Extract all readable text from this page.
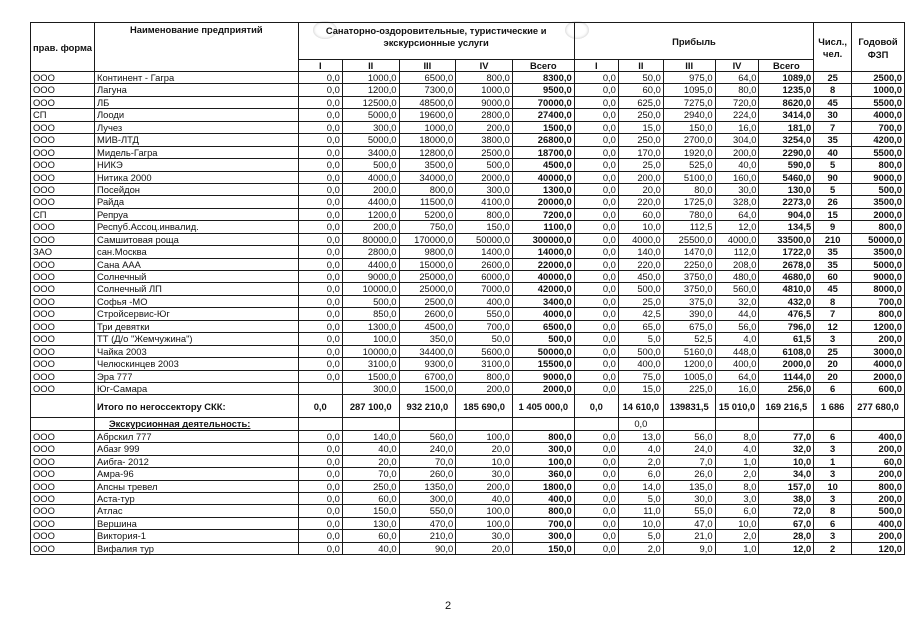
прав. форма	Наименование предприятий	Санаторно-оздоровительные, туристические и экскурсионные услуги					Прибыль					Числ., чел.	Годовой ФЗП
		I	II	III	IV	Всего	I	II	III	IV	Всего		
ООО	Континент - Гагра	0,0	1000,0	6500,0	800,0	8300,0	0,0	50,0	975,0	64,0	1089,0	25	2500,0
ООО	Лагуна	0,0	1200,0	7300,0	1000,0	9500,0	0,0	60,0	1095,0	80,0	1235,0	8	1000,0
ООО	ЛБ	0,0	12500,0	48500,0	9000,0	70000,0	0,0	625,0	7275,0	720,0	8620,0	45	5500,0
СП	Лооди	0,0	5000,0	19600,0	2800,0	27400,0	0,0	250,0	2940,0	224,0	3414,0	30	4000,0
ООО	Лучез	0,0	300,0	1000,0	200,0	1500,0	0,0	15,0	150,0	16,0	181,0	7	700,0
ООО	МИВ-ЛТД	0,0	5000,0	18000,0	3800,0	26800,0	0,0	250,0	2700,0	304,0	3254,0	35	4200,0
ООО	Мидель-Гагра	0,0	3400,0	12800,0	2500,0	18700,0	0,0	170,0	1920,0	200,0	2290,0	40	5500,0
ООО	НИКЭ	0,0	500,0	3500,0	500,0	4500,0	0,0	25,0	525,0	40,0	590,0	5	800,0
ООО	Нитика 2000	0,0	4000,0	34000,0	2000,0	40000,0	0,0	200,0	5100,0	160,0	5460,0	90	9000,0
ООО	Посейдон	0,0	200,0	800,0	300,0	1300,0	0,0	20,0	80,0	30,0	130,0	5	500,0
ООО	Райда	0,0	4400,0	11500,0	4100,0	20000,0	0,0	220,0	1725,0	328,0	2273,0	26	3500,0
СП	Репруа	0,0	1200,0	5200,0	800,0	7200,0	0,0	60,0	780,0	64,0	904,0	15	2000,0
ООО	Респуб.Ассоц.инвалид.	0,0	200,0	750,0	150,0	1100,0	0,0	10,0	112,5	12,0	134,5	9	800,0
ООО	Самшитовая роща	0,0	80000,0	170000,0	50000,0	300000,0	0,0	4000,0	25500,0	4000,0	33500,0	210	50000,0
ЗАО	сан.Москва	0,0	2800,0	9800,0	1400,0	14000,0	0,0	140,0	1470,0	112,0	1722,0	35	3500,0
ООО	Сана ААА	0,0	4400,0	15000,0	2600,0	22000,0	0,0	220,0	2250,0	208,0	2678,0	35	5000,0
ООО	Солнечный	0,0	9000,0	25000,0	6000,0	40000,0	0,0	450,0	3750,0	480,0	4680,0	60	9000,0
ООО	Солнечный ЛП	0,0	10000,0	25000,0	7000,0	42000,0	0,0	500,0	3750,0	560,0	4810,0	45	8000,0
ООО	Софья -МО	0,0	500,0	2500,0	400,0	3400,0	0,0	25,0	375,0	32,0	432,0	8	700,0
ООО	Стройсервис-Юг	0,0	850,0	2600,0	550,0	4000,0	0,0	42,5	390,0	44,0	476,5	7	800,0
ООО	Три девятки	0,0	1300,0	4500,0	700,0	6500,0	0,0	65,0	675,0	56,0	796,0	12	1200,0
ООО	ТТ (Д/о "Жемчужина")	0,0	100,0	350,0	50,0	500,0	0,0	5,0	52,5	4,0	61,5	3	200,0
ООО	Чайка 2003	0,0	10000,0	34400,0	5600,0	50000,0	0,0	500,0	5160,0	448,0	6108,0	25	3000,0
ООО	Челюскинцев 2003	0,0	3100,0	9300,0	3100,0	15500,0	0,0	400,0	1200,0	400,0	2000,0	20	4000,0
ООО	Эра 777	0,0	1500,0	6700,0	800,0	9000,0	0,0	75,0	1005,0	64,0	1144,0	20	2000,0
ООО	Юг-Самара		300,0	1500,0	200,0	2000,0	0,0	15,0	225,0	16,0	256,0	6	600,0
	Итого по негоссектору СКК:	0,0	287 100,0	932 210,0	185 690,0	1 405 000,0	0,0	14 610,0	139831,5	15 010,0	169 216,5	1 686	277 680,0
	Экскурсионная деятельность:							0,0					
ООО	Абрскил 777	0,0	140,0	560,0	100,0	800,0	0,0	13,0	56,0	8,0	77,0	6	400,0
ООО	Абазг 999	0,0	40,0	240,0	20,0	300,0	0,0	4,0	24,0	4,0	32,0	3	200,0
ООО	Аибга- 2012	0,0	20,0	70,0	10,0	100,0	0,0	2,0	7,0	1,0	10,0	1	60,0
ООО	Амра-96	0,0	70,0	260,0	30,0	360,0	0,0	6,0	26,0	2,0	34,0	3	200,0
ООО	Апсны тревел	0,0	250,0	1350,0	200,0	1800,0	0,0	14,0	135,0	8,0	157,0	10	800,0
ООО	Аста-тур	0,0	60,0	300,0	40,0	400,0	0,0	5,0	30,0	3,0	38,0	3	200,0
ООО	Атлас	0,0	150,0	550,0	100,0	800,0	0,0	11,0	55,0	6,0	72,0	8	500,0
ООО	Вершина	0,0	130,0	470,0	100,0	700,0	0,0	10,0	47,0	10,0	67,0	6	400,0
ООО	Виктория-1	0,0	60,0	210,0	30,0	300,0	0,0	5,0	21,0	2,0	28,0	3	200,0
ООО	Вифалия тур	0,0	40,0	90,0	20,0	150,0	0,0	2,0	9,0	1,0	12,0	2	120,0
2
